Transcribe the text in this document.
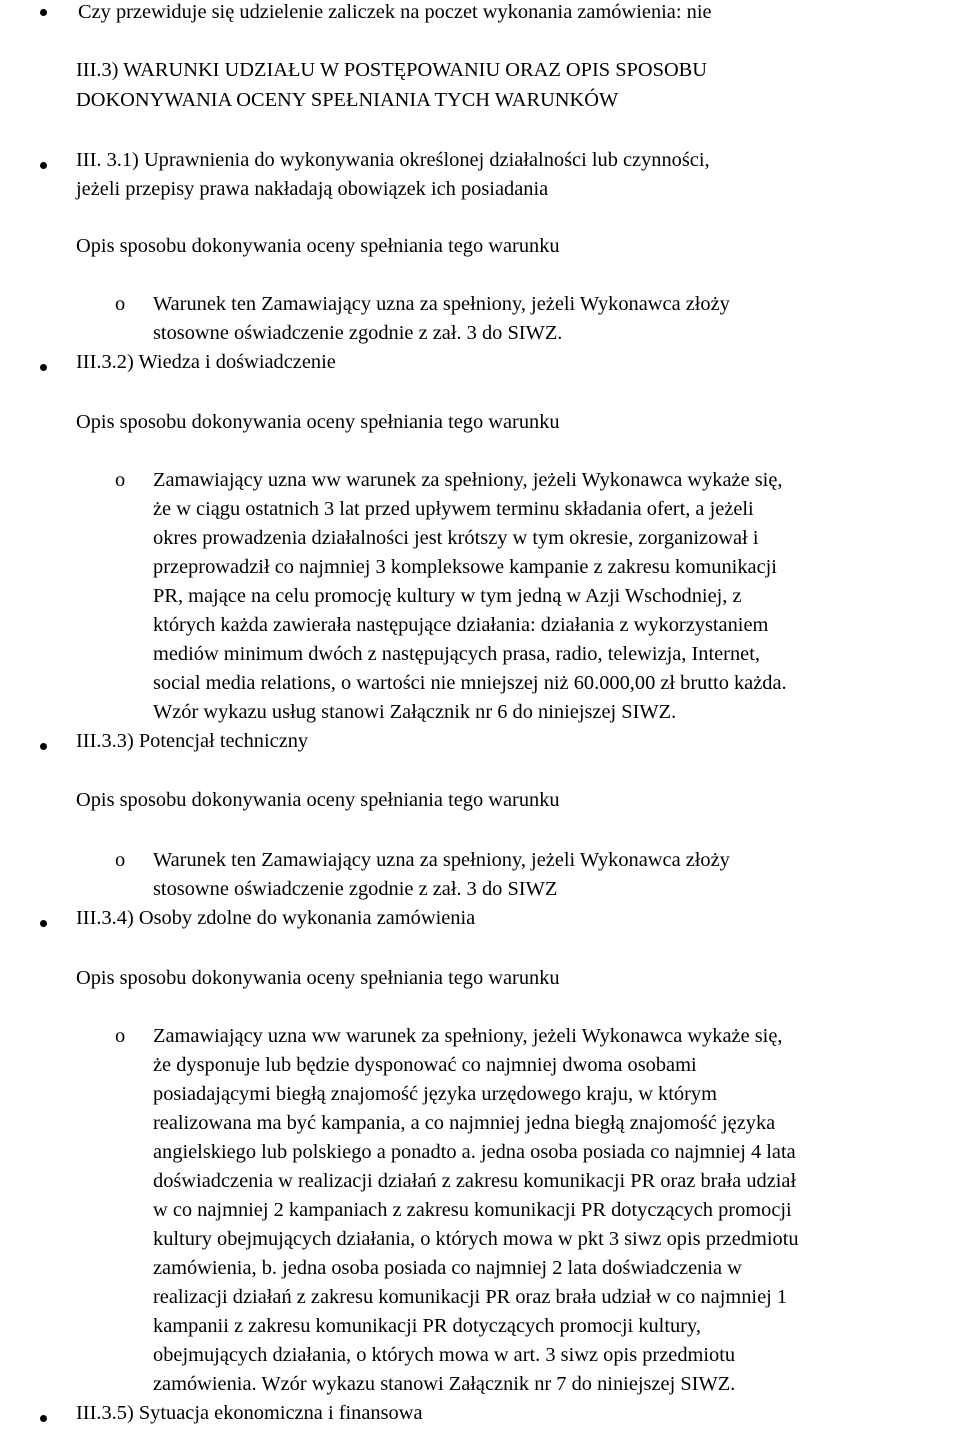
Czy przewiduje się udzielenie zaliczek na poczet wykonania zamówienia: nie
III.3) WARUNKI UDZIAŁU W POSTĘPOWANIU ORAZ OPIS SPOSOBU
DOKONYWANIA OCENY SPEŁNIANIA TYCH WARUNKÓW
III. 3.1) Uprawnienia do wykonywania określonej działalności lub czynności,
jeżeli przepisy prawa nakładają obowiązek ich posiadania
Opis sposobu dokonywania oceny spełniania tego warunku
o Warunek ten Zamawiający uzna za spełniony, jeżeli Wykonawca złoży
stosowne oświadczenie zgodnie z zał. 3 do SIWZ.
III.3.2) Wiedza i doświadczenie
Opis sposobu dokonywania oceny spełniania tego warunku
o Zamawiający uzna ww warunek za spełniony, jeżeli Wykonawca wykaże się,
że w ciągu ostatnich 3 lat przed upływem terminu składania ofert, a jeżeli
okres prowadzenia działalności jest krótszy w tym okresie, zorganizował i
przeprowadził co najmniej 3 kompleksowe kampanie z zakresu komunikacji
PR, mające na celu promocję kultury w tym jedną w Azji Wschodniej, z
których każda zawierała następujące działania: działania z wykorzystaniem
mediów minimum dwóch z następujących prasa, radio, telewizja, Internet,
social media relations, o wartości nie mniejszej niż 60.000,00 zł brutto każda.
Wzór wykazu usług stanowi Załącznik nr 6 do niniejszej SIWZ.
III.3.3) Potencjał techniczny
Opis sposobu dokonywania oceny spełniania tego warunku
o Warunek ten Zamawiający uzna za spełniony, jeżeli Wykonawca złoży
stosowne oświadczenie zgodnie z zał. 3 do SIWZ
III.3.4) Osoby zdolne do wykonania zamówienia
Opis sposobu dokonywania oceny spełniania tego warunku
o Zamawiający uzna ww warunek za spełniony, jeżeli Wykonawca wykaże się,
że dysponuje lub będzie dysponować co najmniej dwoma osobami
posiadającymi biegłą znajomość języka urzędowego kraju, w którym
realizowana ma być kampania, a co najmniej jedna biegłą znajomość języka
angielskiego lub polskiego a ponadto a. jedna osoba posiada co najmniej 4 lata
doświadczenia w realizacji działań z zakresu komunikacji PR oraz brała udział
w co najmniej 2 kampaniach z zakresu komunikacji PR dotyczących promocji
kultury obejmujących działania, o których mowa w pkt 3 siwz opis przedmiotu
zamówienia, b. jedna osoba posiada co najmniej 2 lata doświadczenia w
realizacji działań z zakresu komunikacji PR oraz brała udział w co najmniej 1
kampanii z zakresu komunikacji PR dotyczących promocji kultury,
obejmujących działania, o których mowa w art. 3 siwz opis przedmiotu
zamówienia. Wzór wykazu stanowi Załącznik nr 7 do niniejszej SIWZ.
III.3.5) Sytuacja ekonomiczna i finansowa
